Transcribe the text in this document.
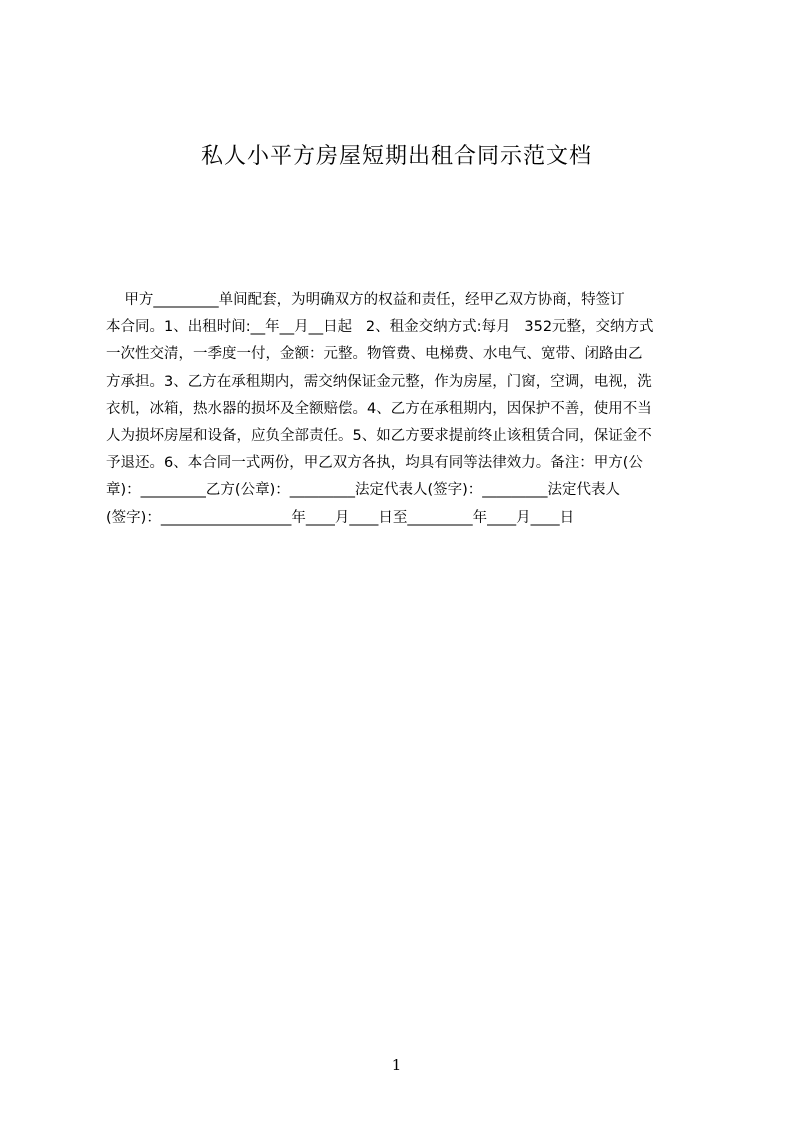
私人小平方房屋短期出租合同示范文档
甲方_________单间配套，为明确双方的权益和责任，经甲乙双方协商，特签订
本合同。1、出租时间:__年__月__日起   2、租金交纳方式:每月   352元整，交纳方式
一次性交清，一季度一付，金额：元整。物管费、电梯费、水电气、宽带、闭路由乙
方承担。3、乙方在承租期内，需交纳保证金元整，作为房屋，门窗，空调，电视，洗
衣机，冰箱，热水器的损坏及全额赔偿。4、乙方在承租期内，因保护不善，使用不当
人为损坏房屋和设备，应负全部责任。5、如乙方要求提前终止该租赁合同，保证金不
予退还。6、本合同一式两份，甲乙双方各执，均具有同等法律效力。备注：甲方(公
章)：_________乙方(公章)：_________法定代表人(签字)：_________法定代表人
(签字)：__________________年____月____日至_________年____月____日
1
